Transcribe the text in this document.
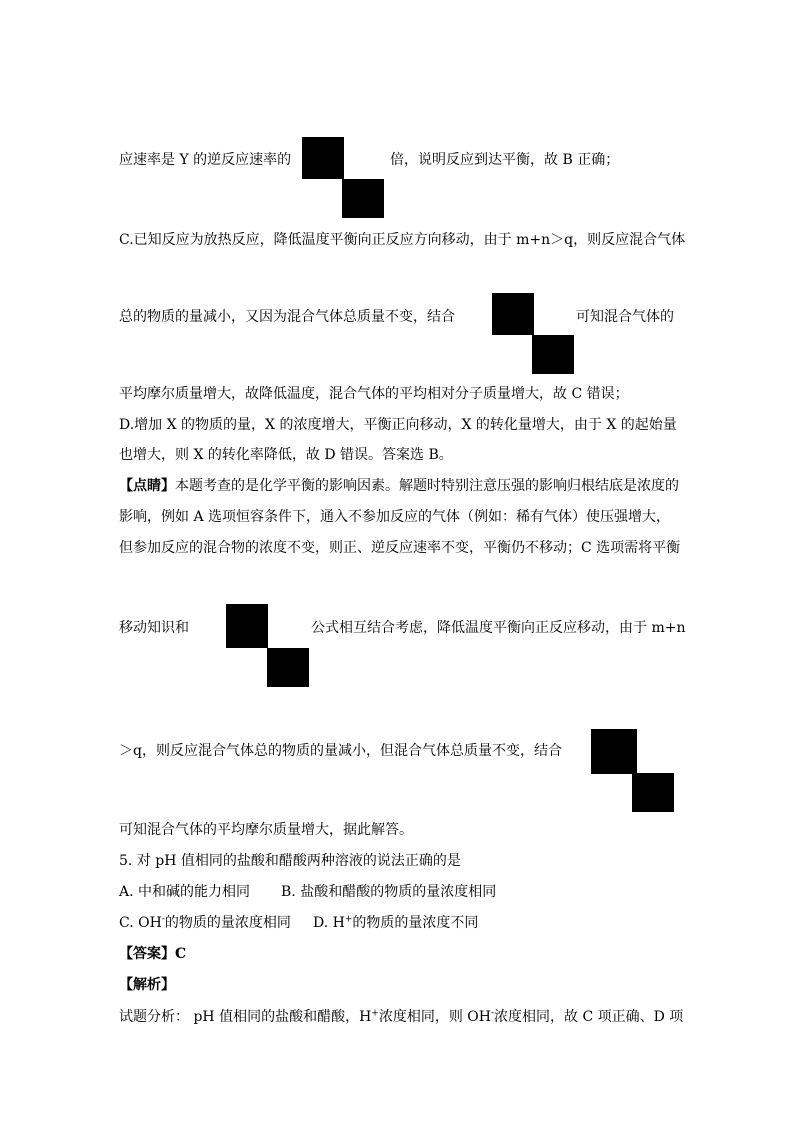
应速率是 Y 的逆反应速率的	倍，说明反应到达平衡，故 B 正确；
C.已知反应为放热反应，降低温度平衡向正反应方向移动，由于 m+n＞q，则反应混合气体
总的物质的量减小，又因为混合气体总质量不变，结合	可知混合气体的
平均摩尔质量增大，故降低温度，混合气体的平均相对分子质量增大，故 C 错误；
D.增加 X 的物质的量，X 的浓度增大，平衡正向移动，X 的转化量增大，由于 X 的起始量
也增大，则 X 的转化率降低，故 D 错误。答案选 B。
【点睛】本题考查的是化学平衡的影响因素。解题时特别注意压强的影响归根结底是浓度的
影响，例如 A 选项恒容条件下，通入不参加反应的气体（例如：稀有气体）使压强增大，
但参加反应的混合物的浓度不变，则正、逆反应速率不变，平衡仍不移动；C 选项需将平衡
移动知识和	公式相互结合考虑，降低温度平衡向正反应移动，由于 m+n
＞q，则反应混合气体总的物质的量减小，但混合气体总质量不变，结合
可知混合气体的平均摩尔质量增大，据此解答。
5. 对 pH 值相同的盐酸和醋酸两种溶液的说法正确的是
A. 中和碱的能力相同 B. 盐酸和醋酸的物质的量浓度相同
C. OH-的物质的量浓度相同 D. H+的物质的量浓度不同
【答案】C
【解析】
试题分析： pH 值相同的盐酸和醋酸，H+浓度相同，则 OH-浓度相同，故 C 项正确、D 项
